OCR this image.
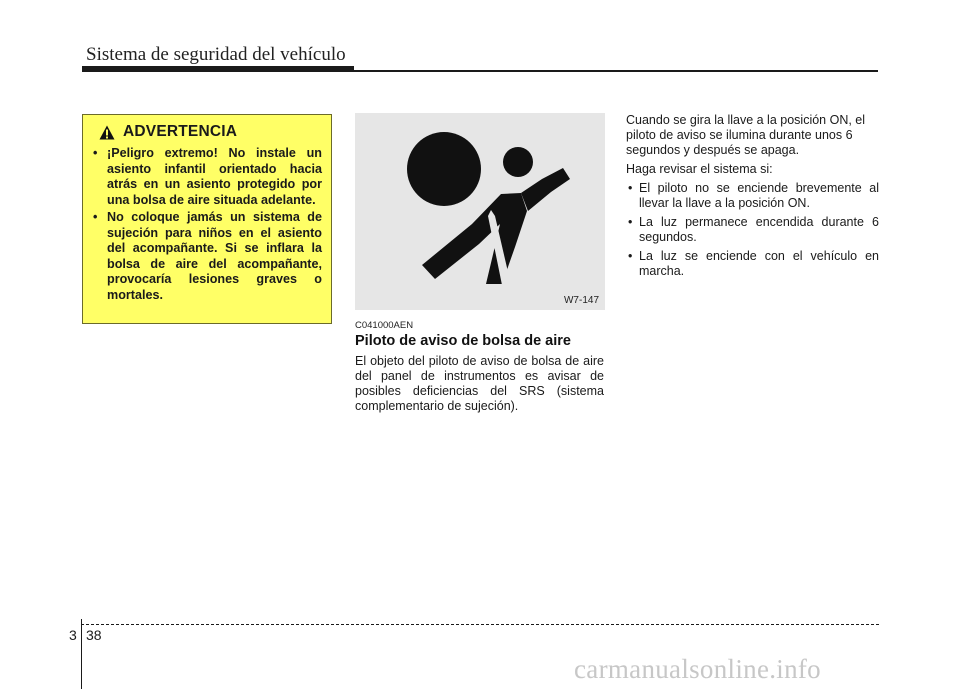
Sistema de seguridad del vehículo
ADVERTENCIA
• ¡Peligro extremo! No instale un asiento infantil orientado hacia atrás en un asiento protegido por una bolsa de aire situada adelante.
• No coloque jamás un sistema de sujeción para niños en el asiento del acompañante. Si se inflara la bolsa de aire del acompañante, provocaría lesiones graves o mortales.	W7-147
C041000AEN
Piloto de aviso de bolsa de aire

El objeto del piloto de aviso de bolsa de aire del panel de instrumentos es avisar de posibles deficiencias del SRS (sistema complementario de sujeción).

Cuando se gira la llave a la posición ON, el piloto de aviso se ilumina durante unos 6 segundos y después se apaga.

Haga revisar el sistema si:

• El piloto no se enciende brevemente al llevar la llave a la posición ON.
• La luz permanece encendida durante 6 segundos.
• La luz se enciende con el vehículo en marcha.
3 38
carmanualsonline.info
